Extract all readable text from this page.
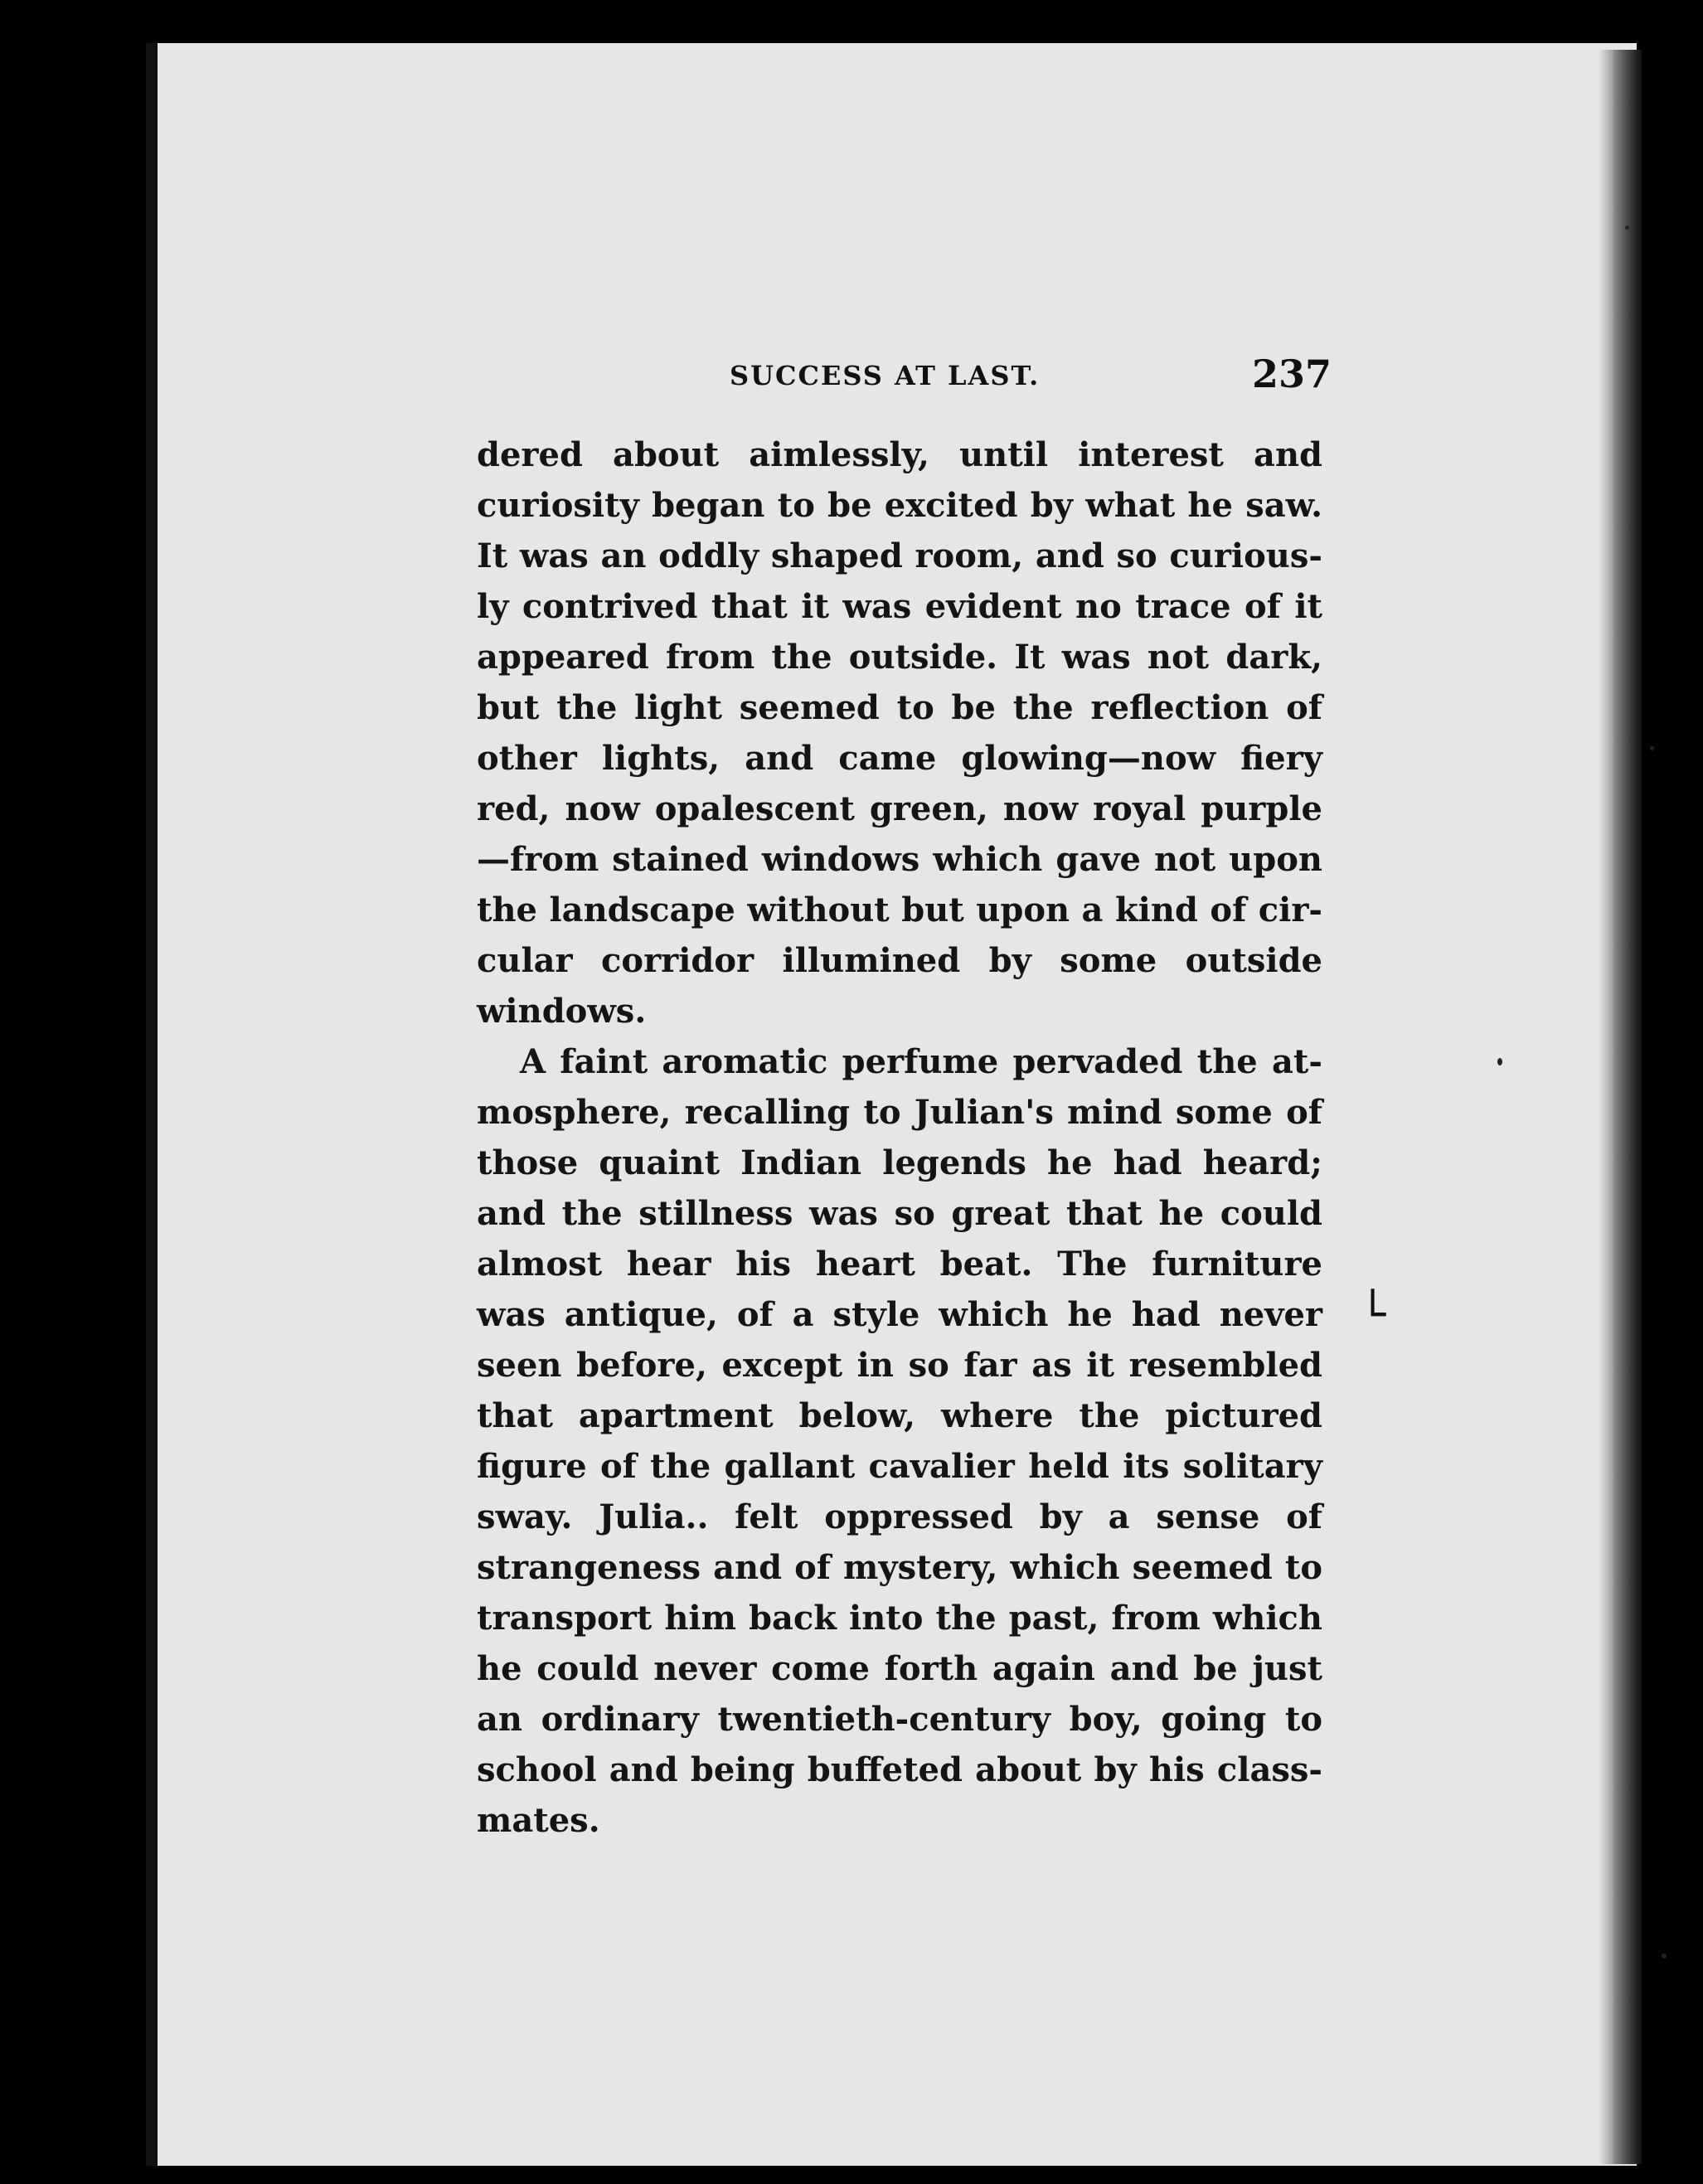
SUCCESS AT LAST.	237
dered about aimlessly, until interest and
curiosity began to be excited by what he saw.
It was an oddly shaped room, and so curious-
ly contrived that it was evident no trace of it
appeared from the outside. It was not dark,
but the light seemed to be the reflection of
other lights, and came glowing—now fiery
red, now opalescent green, now royal purple
—from stained windows which gave not upon
the landscape without but upon a kind of cir-
cular corridor illumined by some outside
windows.
A faint aromatic perfume pervaded the at-
mosphere, recalling to Julian's mind some of
those quaint Indian legends he had heard;
and the stillness was so great that he could
almost hear his heart beat. The furniture
was antique, of a style which he had never
seen before, except in so far as it resembled
that apartment below, where the pictured
figure of the gallant cavalier held its solitary
sway. Julia.. felt oppressed by a sense of
strangeness and of mystery, which seemed to
transport him back into the past, from which
he could never come forth again and be just
an ordinary twentieth-century boy, going to
school and being buffeted about by his class-
mates.
└
